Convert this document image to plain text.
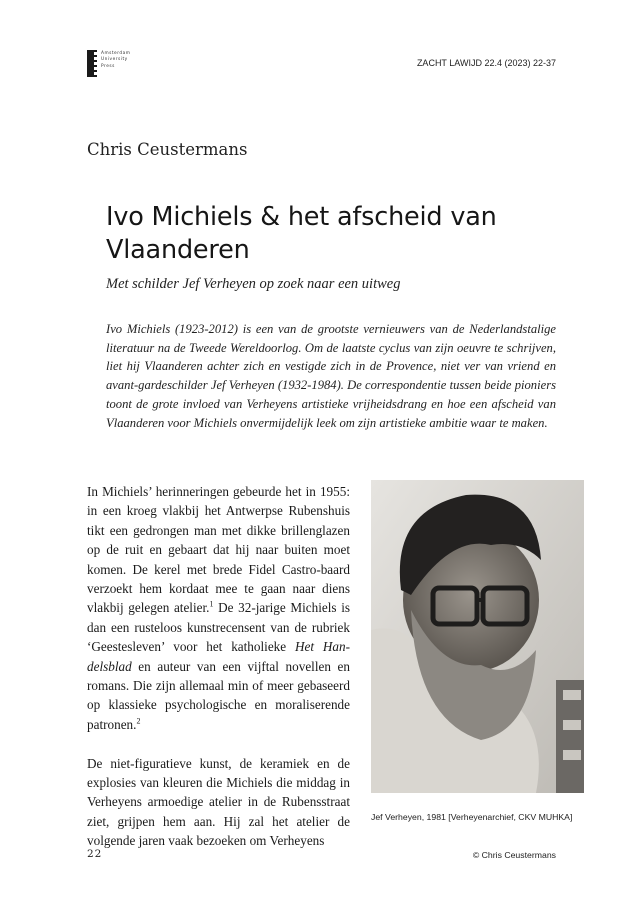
Amsterdam
University
Press	ZACHT LAWIJD 22.4 (2023) 22-37
Chris Ceustermans
Ivo Michiels & het afscheid van Vlaanderen
Met schilder Jef Verheyen op zoek naar een uitweg
Ivo Michiels (1923-2012) is een van de grootste vernieuwers van de Nederlandstalige literatuur na de Tweede Wereldoorlog. Om de laatste cyclus van zijn oeuvre te schrijven, liet hij Vlaanderen achter zich en vestigde zich in de Provence, niet ver van vriend en avant-gardeschilder Jef Verheyen (1932-1984). De correspondentie tussen beide pioniers toont de grote invloed van Verheyens artistieke vrijheidsdrang en hoe een afscheid van Vlaanderen voor Michiels onvermijdelijk leek om zijn artistieke ambitie waar te maken.

In Michiels’ herinneringen gebeurde het in 1955: in een kroeg vlakbij het Antwerpse Rubenshuis tikt een gedrongen man met dikke brillenglazen op de ruit en gebaart dat hij naar buiten moet komen. De kerel met brede Fidel Castro-baard verzoekt hem kordaat mee te gaan naar diens vlakbij gelegen atelier.$^1$ De 32-jarige Michiels is dan een rusteloos kunstrecensent van de rubriek ‘Geestesleven’ voor het katholieke Het Handelsblad en auteur van een vijftal novellen en romans. Die zijn allemaal min of meer gebaseerd op klassieke psychologische en moraliserende patronen.$^2$

De niet-figuratieve kunst, de keramiek en de explosies van kleuren die Michiels die middag in Verheyens armoedige atelier in de Rubensstraat ziet, grijpen hem aan. Hij zal het atelier de volgende jaren vaak bezoeken om Verheyens

Jef Verheyen, 1981 [Verheyenarchief, CKV MUHKA]
22	© Chris Ceustermans
